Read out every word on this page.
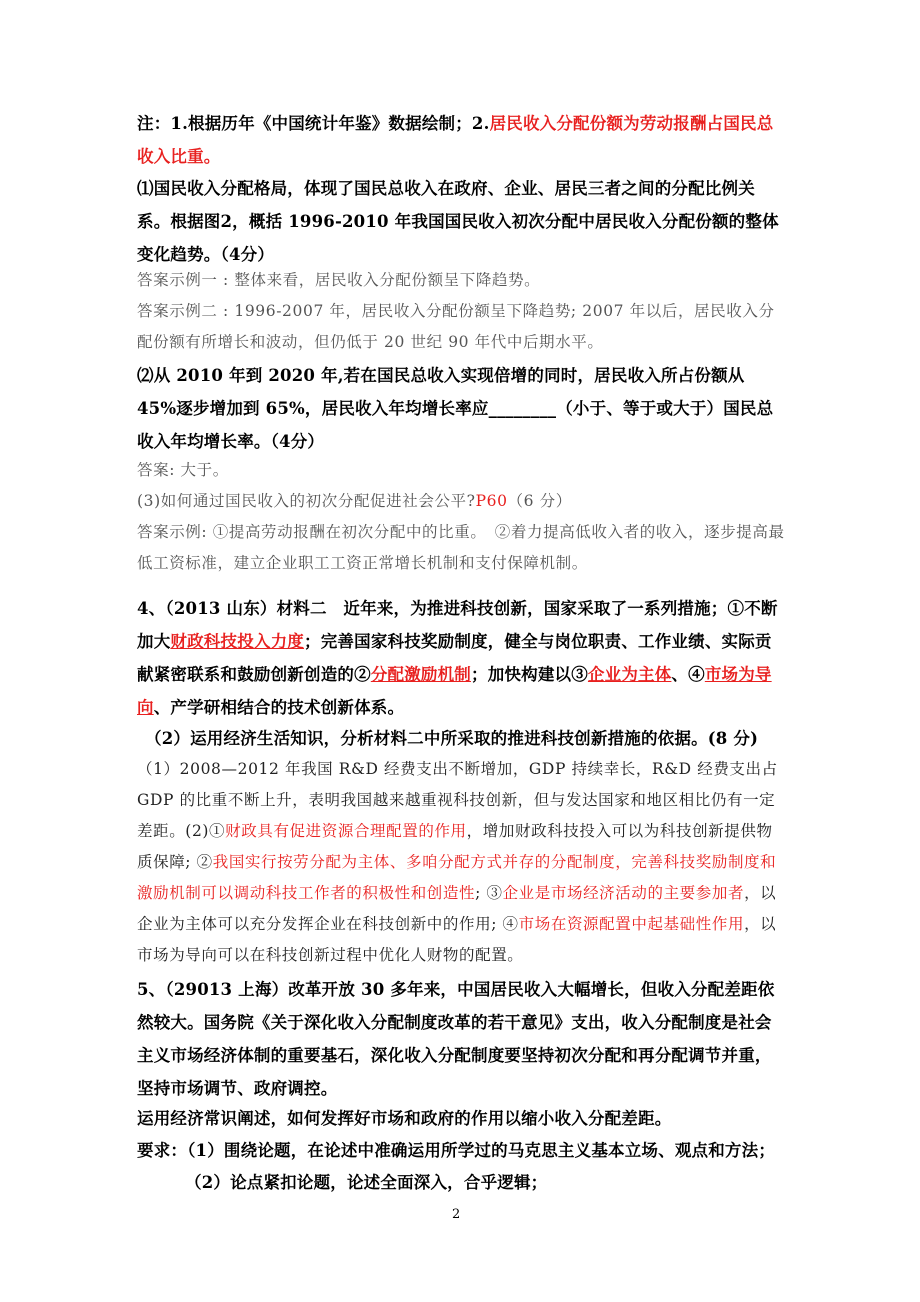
注：1.根据历年《中国统计年鉴》数据绘制；2.居民收入分配份额为劳动报酬占国民总收入比重。

⑴国民收入分配格局，体现了国民总收入在政府、企业、居民三者之间的分配比例关系。根据图2，概括 1996-2010 年我国国民收入初次分配中居民收入分配份额的整体变化趋势。（4分）

答案示例一 : 整体来看，居民收入分配份额呈下降趋势。

答案示例二 : 1996-2007 年，居民收入分配份额呈下降趋势; 2007 年以后，居民收入分配份额有所增长和波动，但仍低于 20 世纪 90 年代中后期水平。

⑵从 2010 年到 2020 年,若在国民总收入实现倍增的同时，居民收入所占份额从 45%逐步增加到 65%，居民收入年均增长率应________（小于、等于或大于）国民总收入年均增长率。（4分）

答案: 大于。

(3)如何通过国民收入的初次分配促进社会公平?P60（6 分）

答案示例: ①提高劳动报酬在初次分配中的比重。　②着力提高低收入者的收入，逐步提高最低工资标准，建立企业职工工资正常增长机制和支付保障机制。

4、（2013 山东）材料二　近年来，为推进科技创新，国家采取了一系列措施；①不断加大财政科技投入力度；完善国家科技奖励制度，健全与岗位职责、工作业绩、实际贡献紧密联系和鼓励创新创造的②分配激励机制；加快构建以③企业为主体、④市场为导向、产学研相结合的技术创新体系。

（2）运用经济生活知识，分析材料二中所采取的推进科技创新措施的依据。(8 分)

（1）2008—2012 年我国 R&D 经费支出不断增加，GDP 持续幸长，R&D 经费支出占 GDP 的比重不断上升，表明我国越来越重视科技创新，但与发达国家和地区相比仍有一定差距。(2)①财政具有促进资源合理配置的作用，增加财政科技投入可以为科技创新提供物质保障; ②我国实行按劳分配为主体、多咱分配方式并存的分配制度，完善科技奖励制度和激励机制可以调动科技工作者的积极性和创造性; ③企业是市场经济活动的主要参加者，以企业为主体可以充分发挥企业在科技创新中的作用; ④市场在资源配置中起基础性作用，以市场为导向可以在科技创新过程中优化人财物的配置。

5、（29013 上海）改革开放 30 多年来，中国居民收入大幅增长，但收入分配差距依然较大。国务院《关于深化收入分配制度改革的若干意见》支出，收入分配制度是社会主义市场经济体制的重要基石，深化收入分配制度要坚持初次分配和再分配调节并重，坚持市场调节、政府调控。

运用经济常识阐述，如何发挥好市场和政府的作用以缩小收入分配差距。

要求：（1）围绕论题，在论述中准确运用所学过的马克思主义基本立场、观点和方法；

（2）论点紧扣论题，论述全面深入，合乎逻辑；

2
